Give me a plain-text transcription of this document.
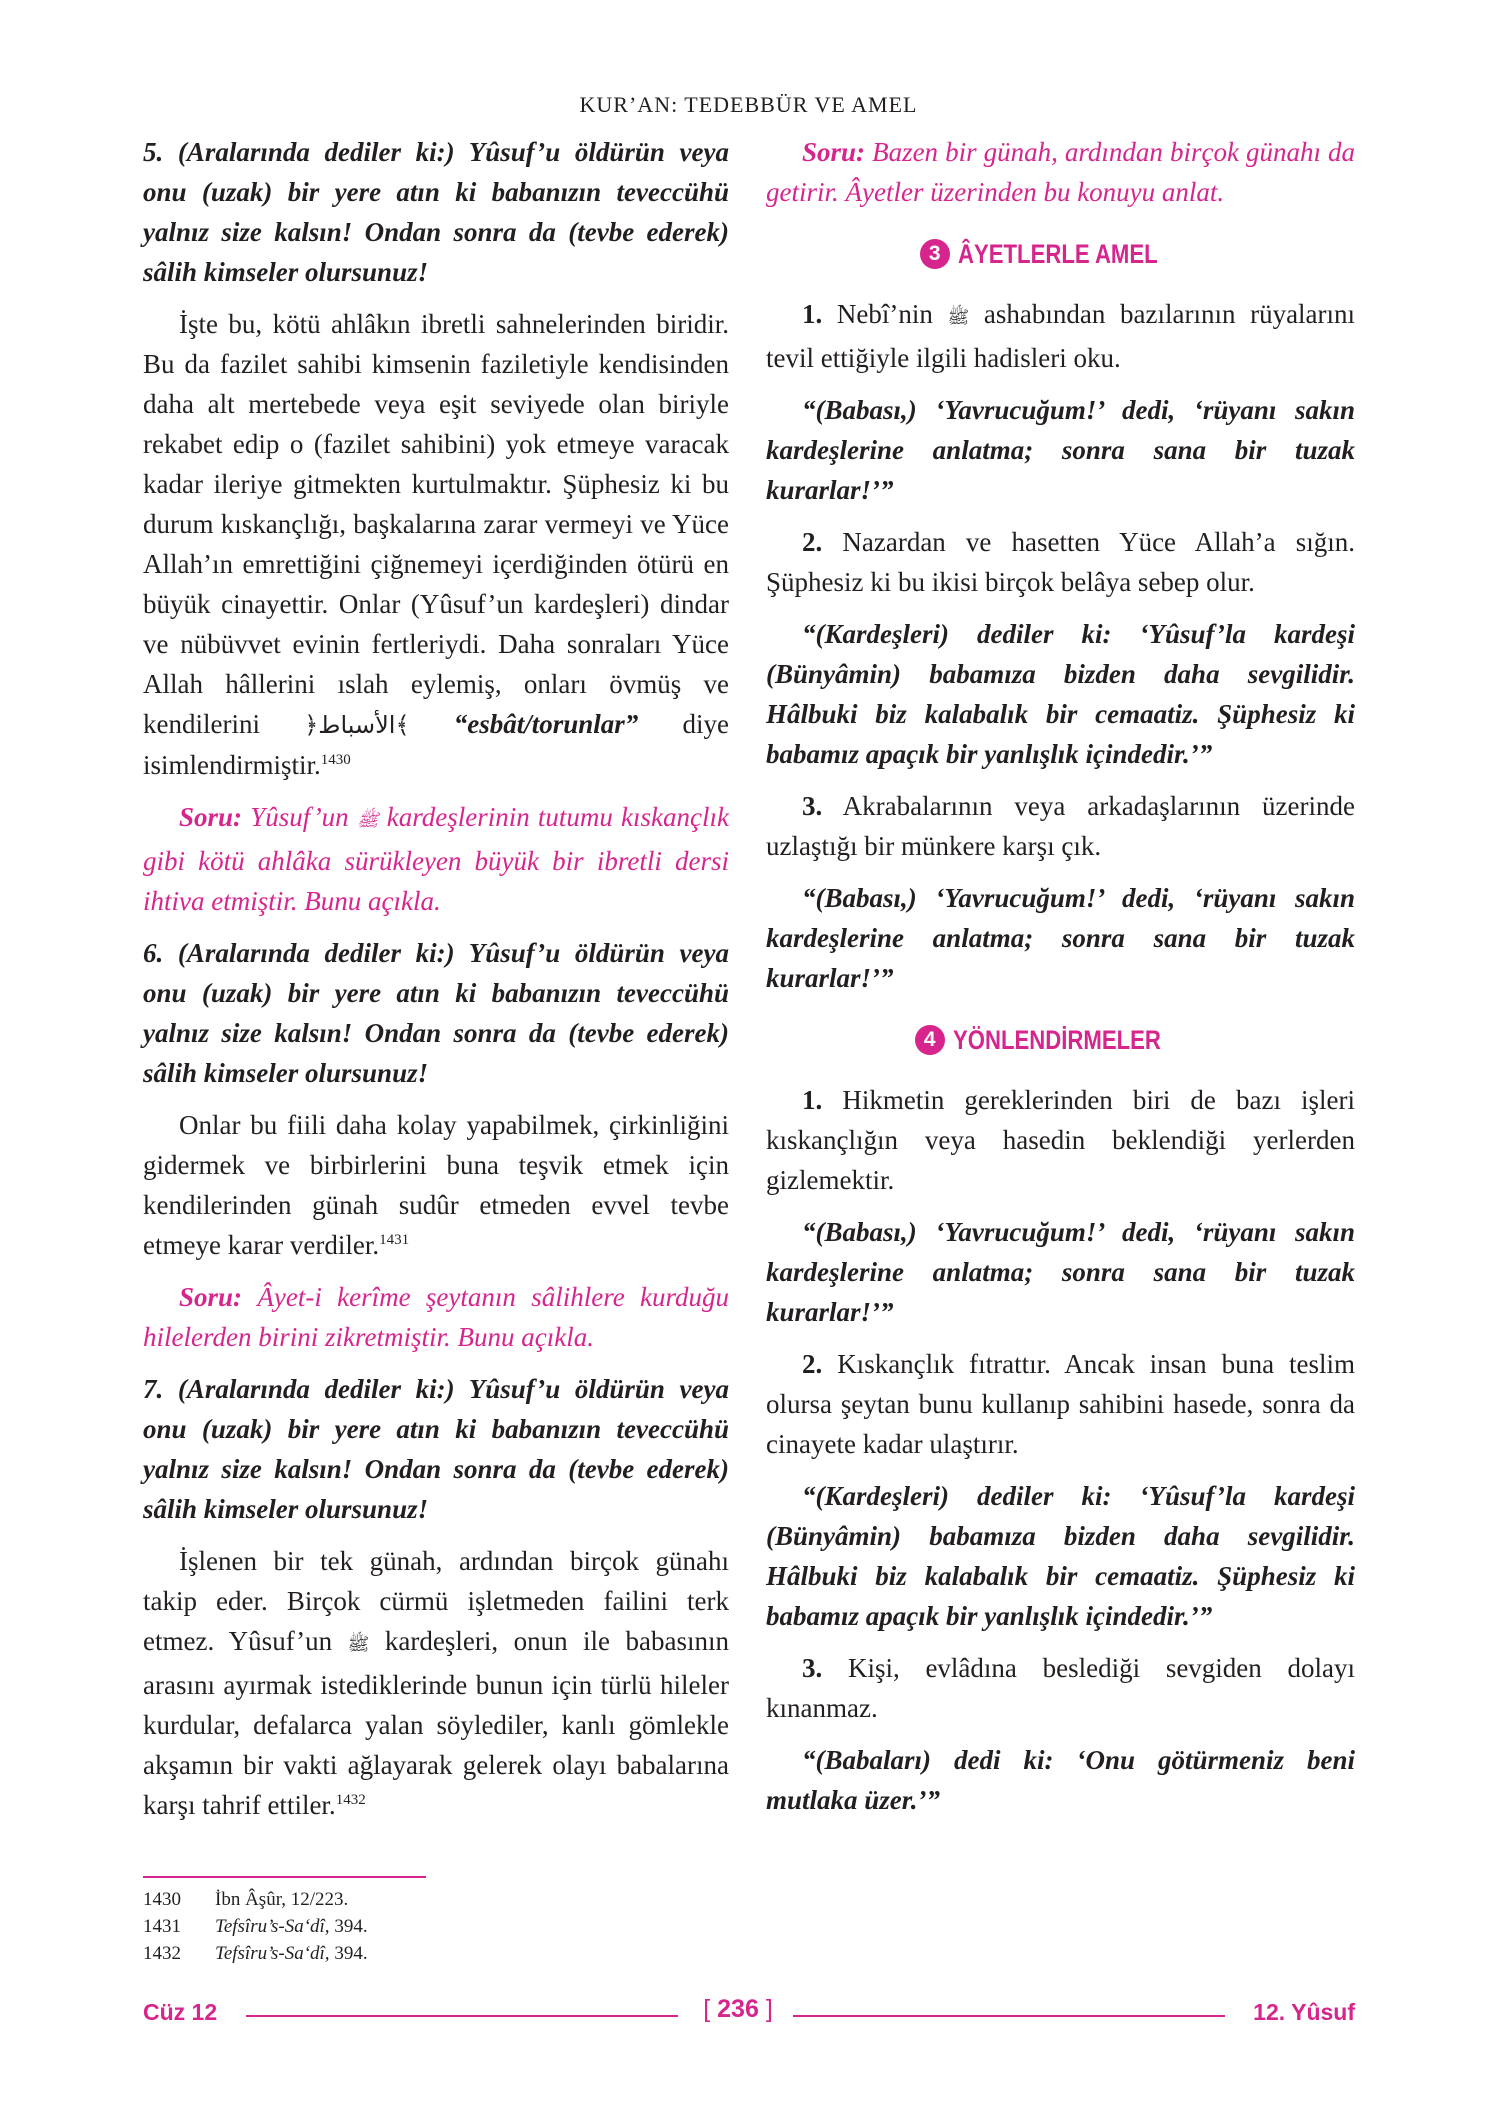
KUR’AN: TEDEBBÜR VE AMEL

5. (Aralarında dediler ki:) Yûsuf’u öldürün veya onu (uzak) bir yere atın ki babanızın teveccühü yalnız size kalsın! Ondan sonra da (tevbe ederek) sâlih kimseler olursunuz!

İşte bu, kötü ahlâkın ibretli sahnelerinden biridir. Bu da fazilet sahibi kimsenin faziletiyle kendisinden daha alt mertebede veya eşit seviyede olan biriyle rekabet edip o (fazilet sahibini) yok etmeye varacak kadar ileriye gitmekten kurtulmaktır. Şüphesiz ki bu durum kıskançlığı, başkalarına zarar vermeyi ve Yüce Allah’ın emrettiğini çiğnemeyi içerdiğinden ötürü en büyük cinayettir. Onlar (Yûsuf’un kardeşleri) dindar ve nübüvvet evinin fertleriydi. Daha sonraları Yüce Allah hâllerini ıslah eylemiş, onları övmüş ve kendilerini ﴿الأسباط﴾ “esbât/torunlar” diye isimlendirmiştir.$^{1430}$

Soru: Yûsuf’un ﷺ kardeşlerinin tutumu kıskançlık gibi kötü ahlâka sürükleyen büyük bir ibretli dersi ihtiva etmiştir. Bunu açıkla.

6. (Aralarında dediler ki:) Yûsuf’u öldürün veya onu (uzak) bir yere atın ki babanızın teveccühü yalnız size kalsın! Ondan sonra da (tevbe ederek) sâlih kimseler olursunuz!

Onlar bu fiili daha kolay yapabilmek, çirkinliğini gidermek ve birbirlerini buna teşvik etmek için kendilerinden günah sudûr etmeden evvel tevbe etmeye karar verdiler.$^{1431}$

Soru: Âyet-i kerîme şeytanın sâlihlere kurduğu hilelerden birini zikretmiştir. Bunu açıkla.

7. (Aralarında dediler ki:) Yûsuf’u öldürün veya onu (uzak) bir yere atın ki babanızın teveccühü yalnız size kalsın! Ondan sonra da (tevbe ederek) sâlih kimseler olursunuz!

İşlenen bir tek günah, ardından birçok günahı takip eder. Birçok cürmü işletmeden failini terk etmez. Yûsuf’un ﷺ kardeşleri, onun ile babasının arasını ayırmak istediklerinde bunun için türlü hileler kurdular, defalarca yalan söylediler, kanlı gömlekle akşamın bir vakti ağlayarak gelerek olayı babalarına karşı tahrif ettiler.$^{1432}$

Soru: Bazen bir günah, ardından birçok günahı da getirir. Âyetler üzerinden bu konuyu anlat.

3 ÂYETLERLE AMEL

1. Nebî’nin ﷺ ashabından bazılarının rüyalarını tevil ettiğiyle ilgili hadisleri oku.

“(Babası,) ‘Yavrucuğum!’ dedi, ‘rüyanı sakın kardeşlerine anlatma; sonra sana bir tuzak kurarlar!’”

2. Nazardan ve hasetten Yüce Allah’a sığın. Şüphesiz ki bu ikisi birçok belâya sebep olur.

“(Kardeşleri) dediler ki: ‘Yûsuf’la kardeşi (Bünyâmin) babamıza bizden daha sevgilidir. Hâlbuki biz kalabalık bir cemaatiz. Şüphesiz ki babamız apaçık bir yanlışlık içindedir.’”

3. Akrabalarının veya arkadaşlarının üzerinde uzlaştığı bir münkere karşı çık.

“(Babası,) ‘Yavrucuğum!’ dedi, ‘rüyanı sakın kardeşlerine anlatma; sonra sana bir tuzak kurarlar!’”

4 YÖNLENDİRMELER

1. Hikmetin gereklerinden biri de bazı işleri kıskançlığın veya hasedin beklendiği yerlerden gizlemektir.

“(Babası,) ‘Yavrucuğum!’ dedi, ‘rüyanı sakın kardeşlerine anlatma; sonra sana bir tuzak kurarlar!’”

2. Kıskançlık fıtrattır. Ancak insan buna teslim olursa şeytan bunu kullanıp sahibini hasede, sonra da cinayete kadar ulaştırır.

“(Kardeşleri) dediler ki: ‘Yûsuf’la kardeşi (Bünyâmin) babamıza bizden daha sevgilidir. Hâlbuki biz kalabalık bir cemaatiz. Şüphesiz ki babamız apaçık bir yanlışlık içindedir.’”

3. Kişi, evlâdına beslediği sevgiden dolayı kınanmaz.

“(Babaları) dedi ki: ‘Onu götürmeniz beni mutlaka üzer.’”

1430	İbn Âşûr, 12/223.
1431	Tefsîru’s-Sa‘dî, 394.
1432	Tefsîru’s-Sa‘dî, 394.
Cüz 12	[ 236 ]	12. Yûsuf
